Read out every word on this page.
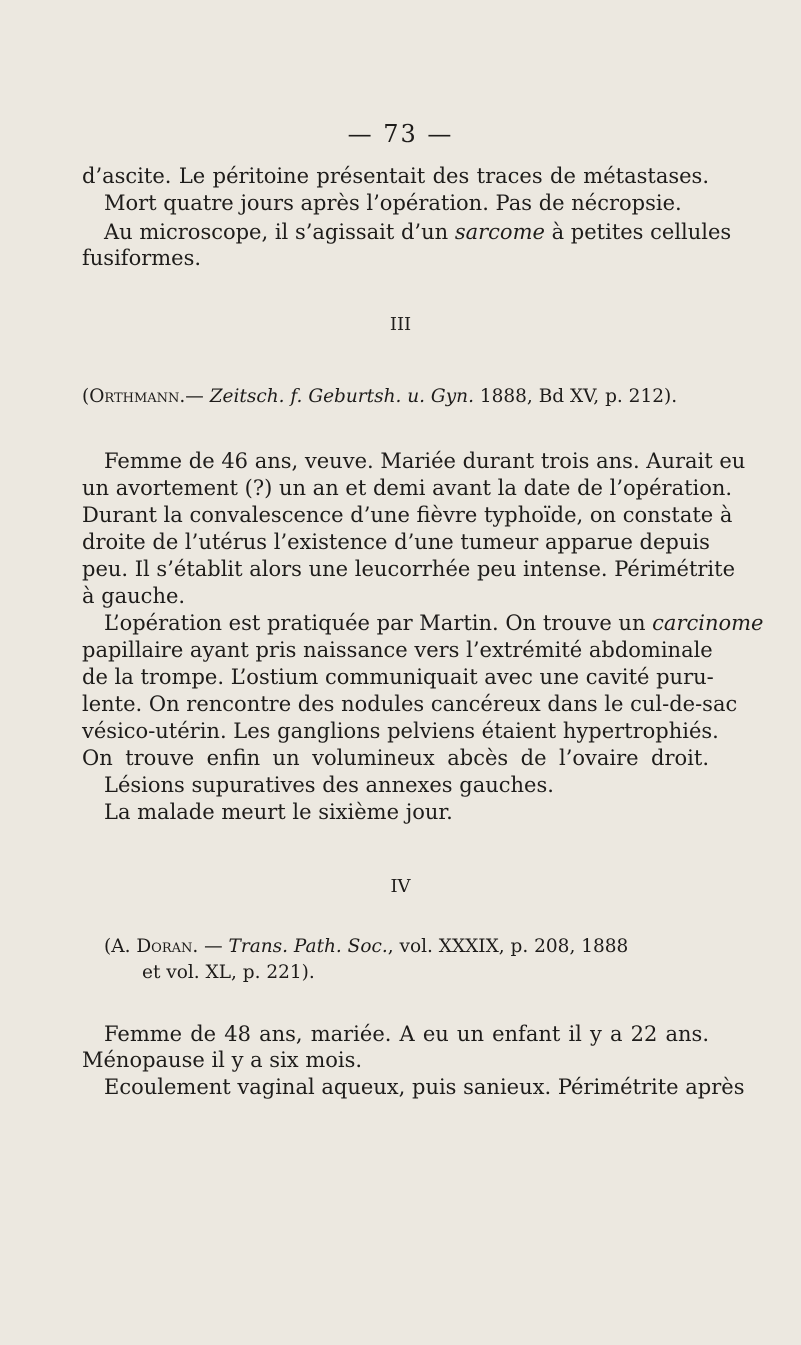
— 73 —
d’ascite. Le péritoine présentait des traces de métastases.
Mort quatre jours après l’opération. Pas de nécropsie.
Au microscope, il s’agissait d’un sarcome à petites cellules
fusiformes.
III
(Orthmann.— Zeitsch. f. Geburtsh. u. Gyn. 1888, Bd XV, p. 212).
Femme de 46 ans, veuve. Mariée durant trois ans. Aurait eu
un avortement (?) un an et demi avant la date de l’opération.
Durant la convalescence d’une fièvre typhoïde, on constate à
droite de l’utérus l’existence d’une tumeur apparue depuis
peu. Il s’établit alors une leucorrhée peu intense. Périmétrite
à gauche.
L’opération est pratiquée par Martin. On trouve un carcinome
papillaire ayant pris naissance vers l’extrémité abdominale
de la trompe. L’ostium communiquait avec une cavité puru-
lente. On rencontre des nodules cancéreux dans le cul-de-sac
vésico-utérin. Les ganglions pelviens étaient hypertrophiés.
On trouve enfin un volumineux abcès de l’ovaire droit.
Lésions supuratives des annexes gauches.
La malade meurt le sixième jour.
IV
(A. Doran. — Trans. Path. Soc., vol. XXXIX, p. 208, 1888
et vol. XL, p. 221).
Femme de 48 ans, mariée. A eu un enfant il y a 22 ans.
Ménopause il y a six mois.
Ecoulement vaginal aqueux, puis sanieux. Périmétrite après
